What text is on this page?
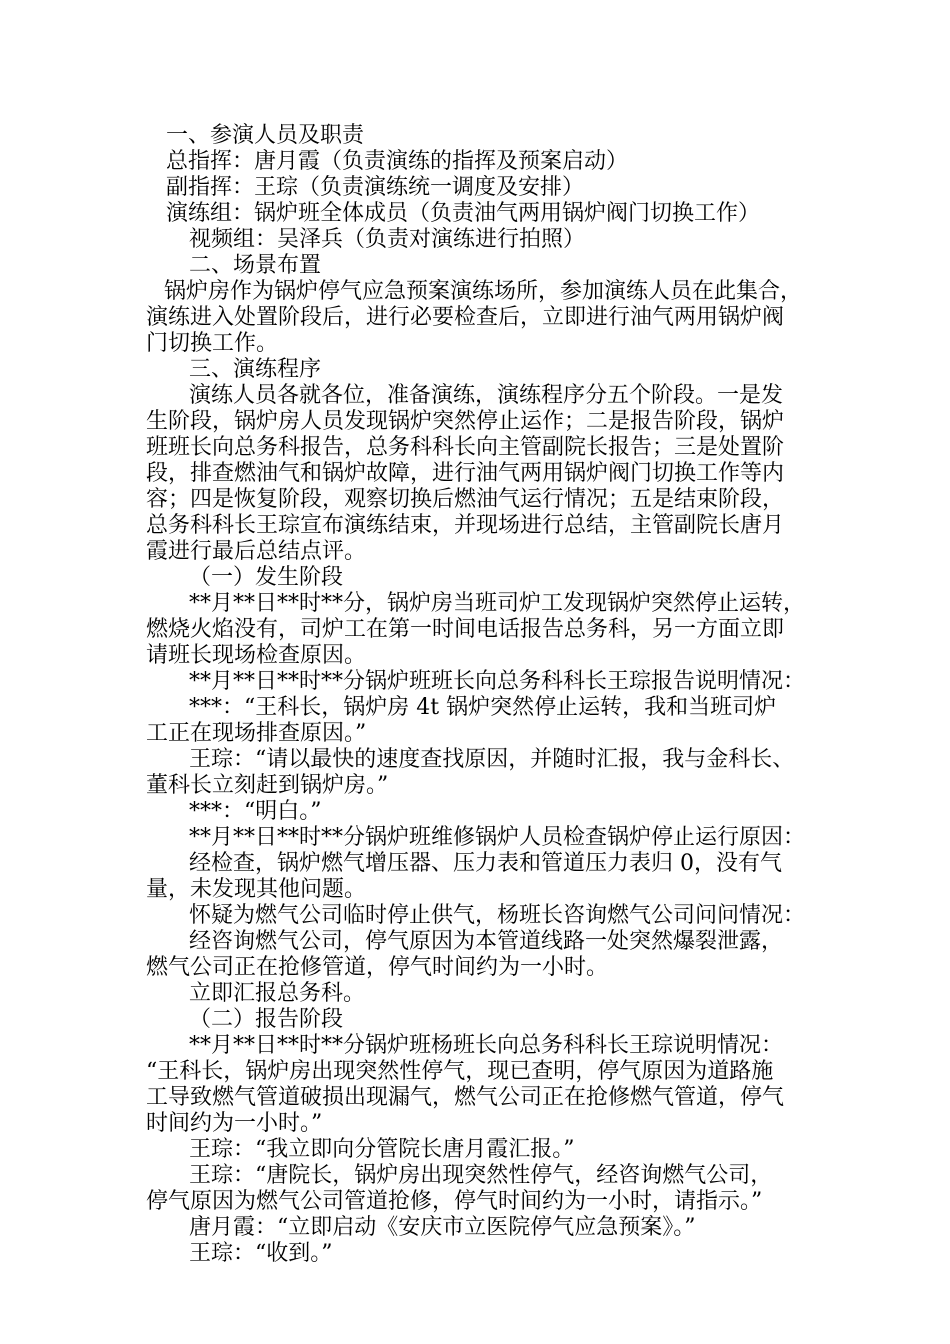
一、参演人员及职责
总指挥：唐月霞（负责演练的指挥及预案启动）
副指挥：王琮（负责演练统一调度及安排）
演练组：锅炉班全体成员（负责油气两用锅炉阀门切换工作）
视频组：吴泽兵（负责对演练进行拍照）
二、场景布置
锅炉房作为锅炉停气应急预案演练场所，参加演练人员在此集合，
演练进入处置阶段后，进行必要检查后，立即进行油气两用锅炉阀
门切换工作。
三、演练程序
演练人员各就各位，准备演练，演练程序分五个阶段。一是发
生阶段，锅炉房人员发现锅炉突然停止运作；二是报告阶段，锅炉
班班长向总务科报告，总务科科长向主管副院长报告；三是处置阶
段，排查燃油气和锅炉故障，进行油气两用锅炉阀门切换工作等内
容；四是恢复阶段，观察切换后燃油气运行情况；五是结束阶段，
总务科科长王琮宣布演练结束，并现场进行总结，主管副院长唐月
霞进行最后总结点评。
（一）发生阶段
**月**日**时**分，锅炉房当班司炉工发现锅炉突然停止运转，
燃烧火焰没有，司炉工在第一时间电话报告总务科，另一方面立即
请班长现场检查原因。
**月**日**时**分锅炉班班长向总务科科长王琮报告说明情况：
***：“王科长，锅炉房 4t 锅炉突然停止运转，我和当班司炉
工正在现场排查原因。”
王琮：“请以最快的速度查找原因，并随时汇报，我与金科长、
董科长立刻赶到锅炉房。”
***：“明白。”
**月**日**时**分锅炉班维修锅炉人员检查锅炉停止运行原因：
经检查，锅炉燃气增压器、压力表和管道压力表归 0，没有气
量，未发现其他问题。
怀疑为燃气公司临时停止供气，杨班长咨询燃气公司问问情况：
经咨询燃气公司，停气原因为本管道线路一处突然爆裂泄露，
燃气公司正在抢修管道，停气时间约为一小时。
立即汇报总务科。
（二）报告阶段
**月**日**时**分锅炉班杨班长向总务科科长王琮说明情况：
“王科长，锅炉房出现突然性停气，现已查明，停气原因为道路施
工导致燃气管道破损出现漏气，燃气公司正在抢修燃气管道，停气
时间约为一小时。”
王琮：“我立即向分管院长唐月霞汇报。”
王琮：“唐院长，锅炉房出现突然性停气，经咨询燃气公司，
停气原因为燃气公司管道抢修，停气时间约为一小时，请指示。”
唐月霞：“立即启动《安庆市立医院停气应急预案》。”
王琮：“收到。”
